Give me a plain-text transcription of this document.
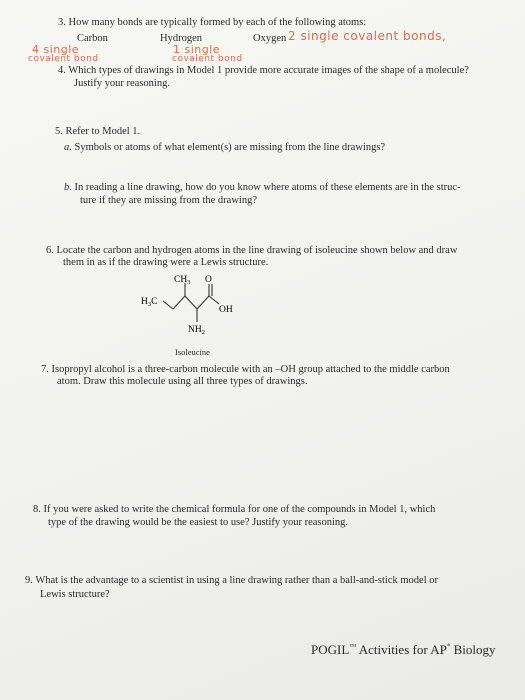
3. How many bonds are typically formed by each of the following atoms:
Carbon	Hydrogen	Oxygen
4 single
covalent bond
1 single
covalent bond
2 single covalent bonds,
4. Which types of drawings in Model 1 provide more accurate images of the shape of a molecule?
Justify your reasoning.
5. Refer to Model 1.
a. Symbols or atoms of what element(s) are missing from the line drawings?
b. In reading a line drawing, how do you know where atoms of these elements are in the struc-
ture if they are missing from the drawing?
6. Locate the carbon and hydrogen atoms in the line drawing of isoleucine shown below and draw
them in as if the drawing were a Lewis structure.
$CH_3$ O
$H_3C$
OH
$NH_2$
Isoleucine
7. Isopropyl alcohol is a three-carbon molecule with an –OH group attached to the middle carbon
atom. Draw this molecule using all three types of drawings.
8. If you were asked to write the chemical formula for one of the compounds in Model 1, which
type of the drawing would be the easiest to use? Justify your reasoning.
9. What is the advantage to a scientist in using a line drawing rather than a ball-and-stick model or
Lewis structure?
POGIL™ Activities for AP* Biology
